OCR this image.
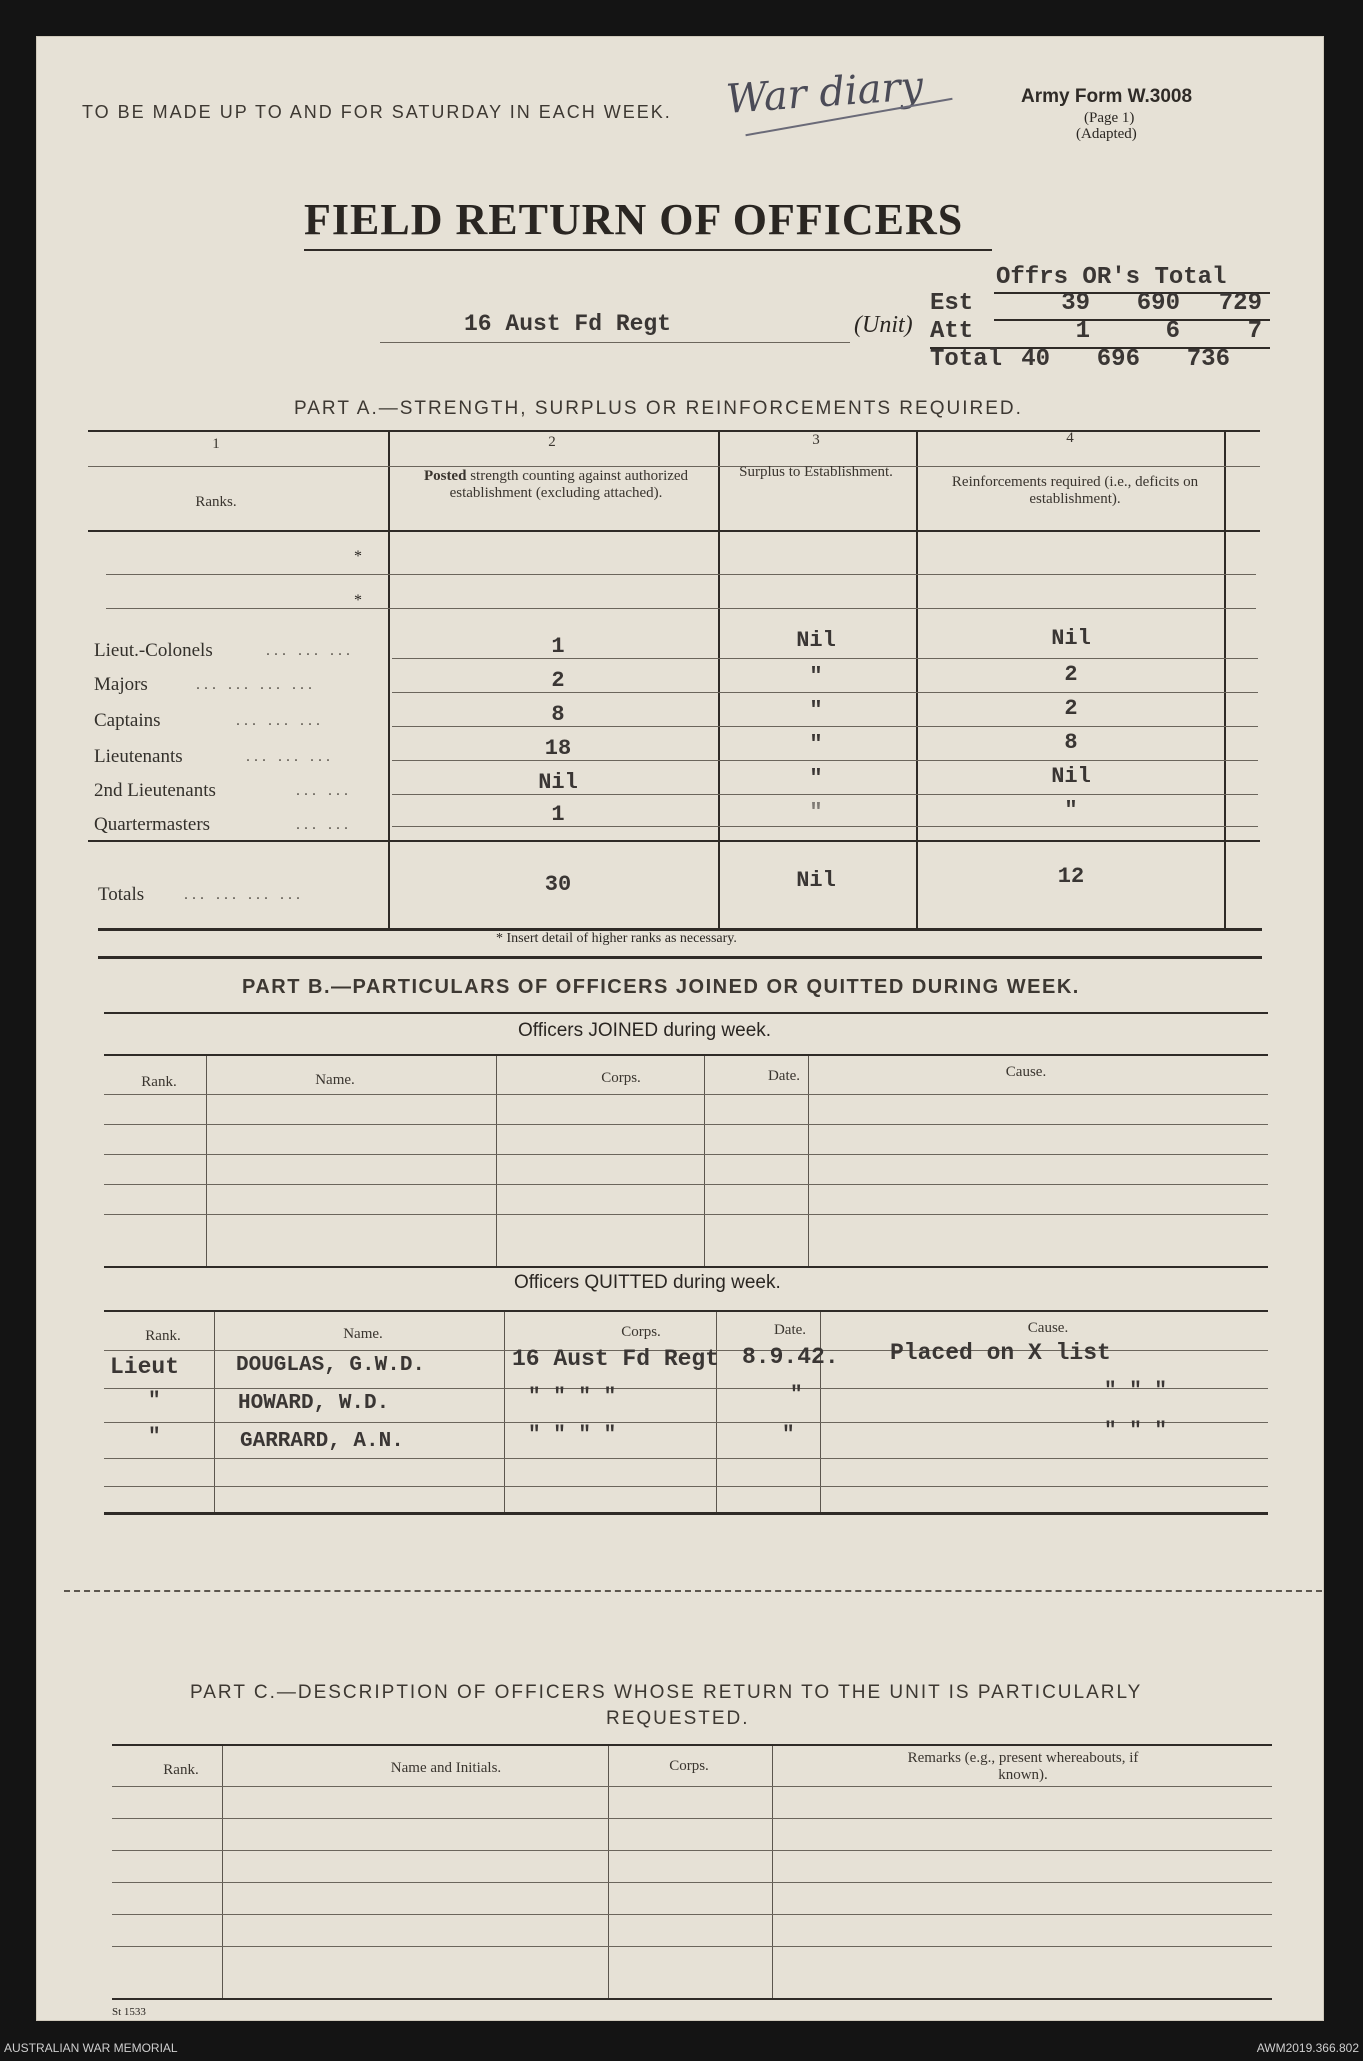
TO BE MADE UP TO AND FOR SATURDAY IN EACH WEEK. War diary	Army Form W.3008
(Page 1)
(Adapted)
FIELD RETURN OF OFFICERS
16 Aust Fd Regt	(Unit)
Offrs OR's Total
Est	39 690 729
Att	1	6	7
Total 40 696 736
PART A.—STRENGTH, SURPLUS OR REINFORCEMENTS REQUIRED.
1	2	3	4
Ranks.
Posted strength counting against authorized establishment (excluding attached).
Surplus to Establishment.
Reinforcements required (i.e., deficits on establishment).
*
*
Lieut.-Colonels	... ... ...	1	Nil	Nil
Majors	... ... ... ...	2	"	2
Captains	... ... ...	8	"	2
Lieutenants	... ... ...	18	"	8
2nd Lieutenants	... ...	Nil	"	Nil
Quartermasters	... ...	1	"	"
Totals ... ... ... ...	30	Nil	12
* Insert detail of higher ranks as necessary.
PART B.—PARTICULARS OF OFFICERS JOINED OR QUITTED DURING WEEK.
Officers JOINED during week.
Rank.	Name.	Corps.	Date.	Cause.
Officers QUITTED during week.
Rank.	Name.	Corps.	Date.	Cause.
Lieut	DOUGLAS, G.W.D.	16 Aust Fd Regt 8.9.42. Placed on X list
"	HOWARD, W.D.	" " " "	"	" " "
"	GARRARD, A.N.	" " " "	"	" " "
PART C.—DESCRIPTION OF OFFICERS WHOSE RETURN TO THE UNIT IS PARTICULARLY
REQUESTED.
Rank.	Name and Initials.	Corps.	Remarks (e.g., present whereabouts, if known).
St 1533
AUSTRALIAN WAR MEMORIAL	AWM2019.366.802
